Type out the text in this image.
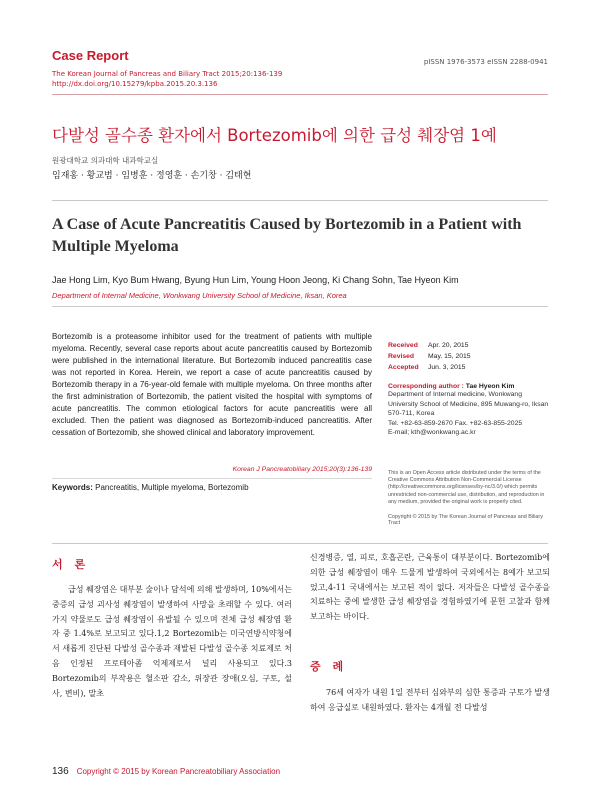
Case Report
The Korean Journal of Pancreas and Biliary Tract 2015;20:136-139
http://dx.doi.org/10.15279/kpba.2015.20.3.136
pISSN 1976-3573 eISSN 2288-0941
다발성 골수종 환자에서 Bortezomib에 의한 급성 췌장염 1예
원광대학교 의과대학 내과학교실
임재홍 · 황교범 · 임병훈 · 정영훈 · 손기창 · 김태현
A Case of Acute Pancreatitis Caused by Bortezomib in a Patient with Multiple Myeloma
Jae Hong Lim, Kyo Bum Hwang, Byung Hun Lim, Young Hoon Jeong, Ki Chang Sohn, Tae Hyeon Kim
Department of Internal Medicine, Wonkwang University School of Medicine, Iksan, Korea
Bortezomib is a proteasome inhibitor used for the treatment of patients with multiple myeloma. Recently, several case reports about acute pancreatitis caused by Bortezomib were published in the international literature. But Bortezomib induced pancreatitis case was not reported in Korea. Herein, we report a case of acute pancreatitis caused by Bortezomib therapy in a 76-year-old female with multiple myeloma. On three months after the first administration of Bortezomib, the patient visited the hospital with symptoms of acute pancreatitis. The common etiological factors for acute pancreatitis were all excluded. Then the patient was diagnosed as Bortezomib-induced pancreatitis. After cessation of Bortezomib, she showed clinical and laboratory improvement.
Korean J Pancreatobiliary 2015;20(3):136-139
Keywords: Pancreatitis, Multiple myeloma, Bortezomib
Received Apr. 20, 2015
Revised May. 15, 2015
Accepted Jun. 3, 2015
Corresponding author : Tae Hyeon Kim
Department of Internal medicine, Wonkwang University School of Medicine, 895 Muwang-ro, Iksan 570-711, Korea
Tel. +82-63-859-2670 Fax. +82-63-855-2025
E-mail; kth@wonkwang.ac.kr
This is an Open Access article distributed under the terms of the Creative Commons Attribution Non-Commercial License (http://creativecommons.org/licenses/by-nc/3.0/) which permits unrestricted non-commercial use, distribution, and reproduction in any medium, provided the original work is properly cited.
Copyright © 2015 by The Korean Journal of Pancreas and Biliary Tract
서 론
급성 췌장염은 대부분 술이나 담석에 의해 발생하며, 10%에서는 중증의 급성 괴사성 췌장염이 발생하여 사망을 초래할 수 있다. 여러 가지 약물로도 급성 췌장염이 유발될 수 있으며 전체 급성 췌장염 환자 중 1.4%로 보고되고 있다.1,2 Bortezomib는 미국연방식약청에서 새롭게 진단된 다발성 골수종과 재발된 다발성 골수종 치료제로 처음 인정된 프로테아좀 억제제로서 널리 사용되고 있다.3 Bortezomib의 부작용은 혈소판 감소, 위장관 장애(오심, 구토, 설사, 변비), 말초
신경병증, 열, 피로, 호흡곤란, 근육통이 대부분이다. Bortezomib에 의한 급성 췌장염이 매우 드물게 발생하여 국외에서는 8예가 보고되었고,4-11 국내에서는 보고된 적이 없다. 저자들은 다발성 골수종을 치료하는 중에 발생한 급성 췌장염을 경험하였기에 문헌 고찰과 함께 보고하는 바이다.
증 례
76세 여자가 내원 1일 전부터 심와부의 심한 통증과 구토가 발생하여 응급실로 내원하였다. 환자는 4개월 전 다발성
136 Copyright © 2015 by Korean Pancreatobiliary Association
